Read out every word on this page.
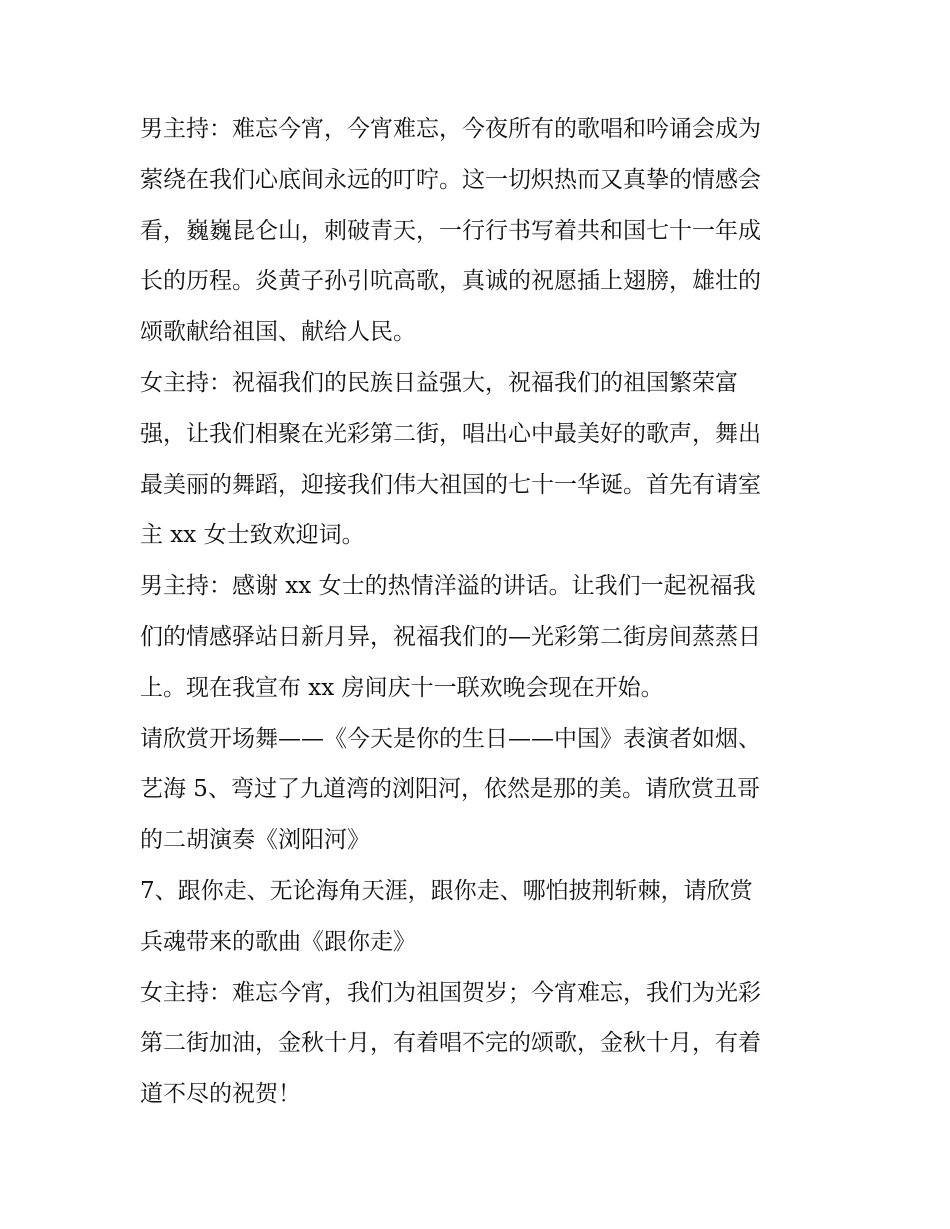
男主持：难忘今宵，今宵难忘，今夜所有的歌唱和吟诵会成为
萦绕在我们心底间永远的叮咛。这一切炽热而又真挚的情感会
看，巍巍昆仑山，刺破青天，一行行书写着共和国七十一年成
长的历程。炎黄子孙引吭高歌，真诚的祝愿插上翅膀，雄壮的
颂歌献给祖国、献给人民。
女主持：祝福我们的民族日益强大，祝福我们的祖国繁荣富
强，让我们相聚在光彩第二街，唱出心中最美好的歌声，舞出
最美丽的舞蹈，迎接我们伟大祖国的七十一华诞。首先有请室
主 xx 女士致欢迎词。
男主持：感谢 xx 女士的热情洋溢的讲话。让我们一起祝福我
们的情感驿站日新月异，祝福我们的—光彩第二街房间蒸蒸日
上。现在我宣布 xx 房间庆十一联欢晚会现在开始。
请欣赏开场舞——《今天是你的生日——中国》表演者如烟、
艺海 5、弯过了九道湾的浏阳河，依然是那的美。请欣赏丑哥
的二胡演奏《浏阳河》
7、跟你走、无论海角天涯，跟你走、哪怕披荆斩棘，请欣赏
兵魂带来的歌曲《跟你走》
女主持：难忘今宵，我们为祖国贺岁；今宵难忘，我们为光彩
第二街加油，金秋十月，有着唱不完的颂歌，金秋十月，有着
道不尽的祝贺！
